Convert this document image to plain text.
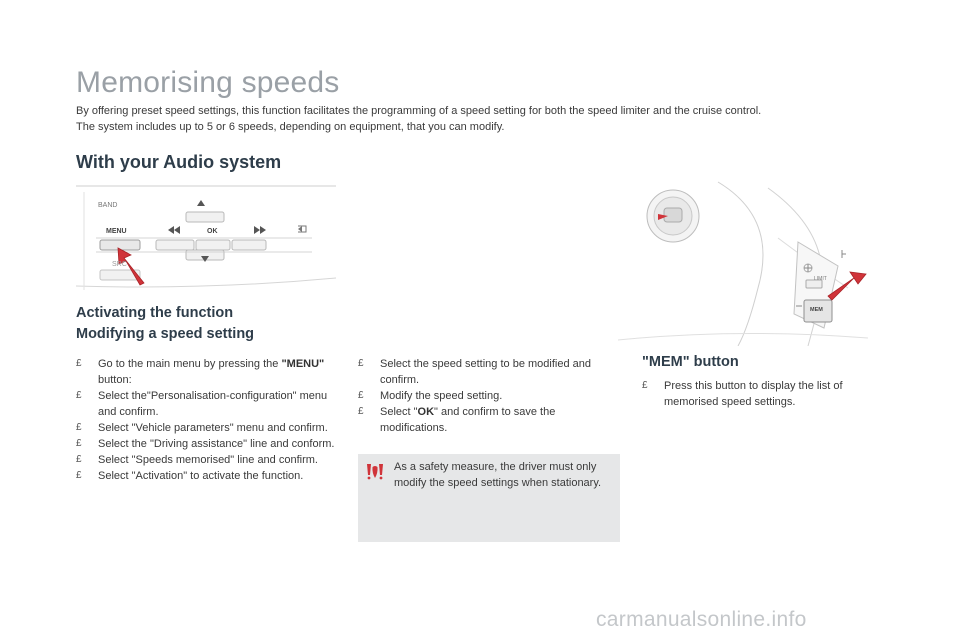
Memorising speeds

By offering preset speed settings, this function facilitates the programming of a speed setting for both the speed limiter and the cruise control.

The system includes up to 5 or 6 speeds, depending on equipment, that you can modify.

With your Audio system
BAND
MENU	OK
SRC
LIMIT
MEM
Activating the function
Modifying a speed setting
£ Go to the main menu by pressing the "MENU" button:
£ Select the"Personalisation-configuration" menu and confirm.
£ Select "Vehicle parameters" menu and confirm.
£ Select the "Driving assistance" line and conform.
£ Select "Speeds memorised" line and confirm.
£ Select "Activation" to activate the function.
£ Select the speed setting to be modified and confirm.
£ Modify the speed setting.
£ Select "OK" and confirm to save the modifications.
As a safety measure, the driver must only modify the speed settings when stationary.
"MEM" button
£ Press this button to display the list of memorised speed settings.
carmanualsonline.info
